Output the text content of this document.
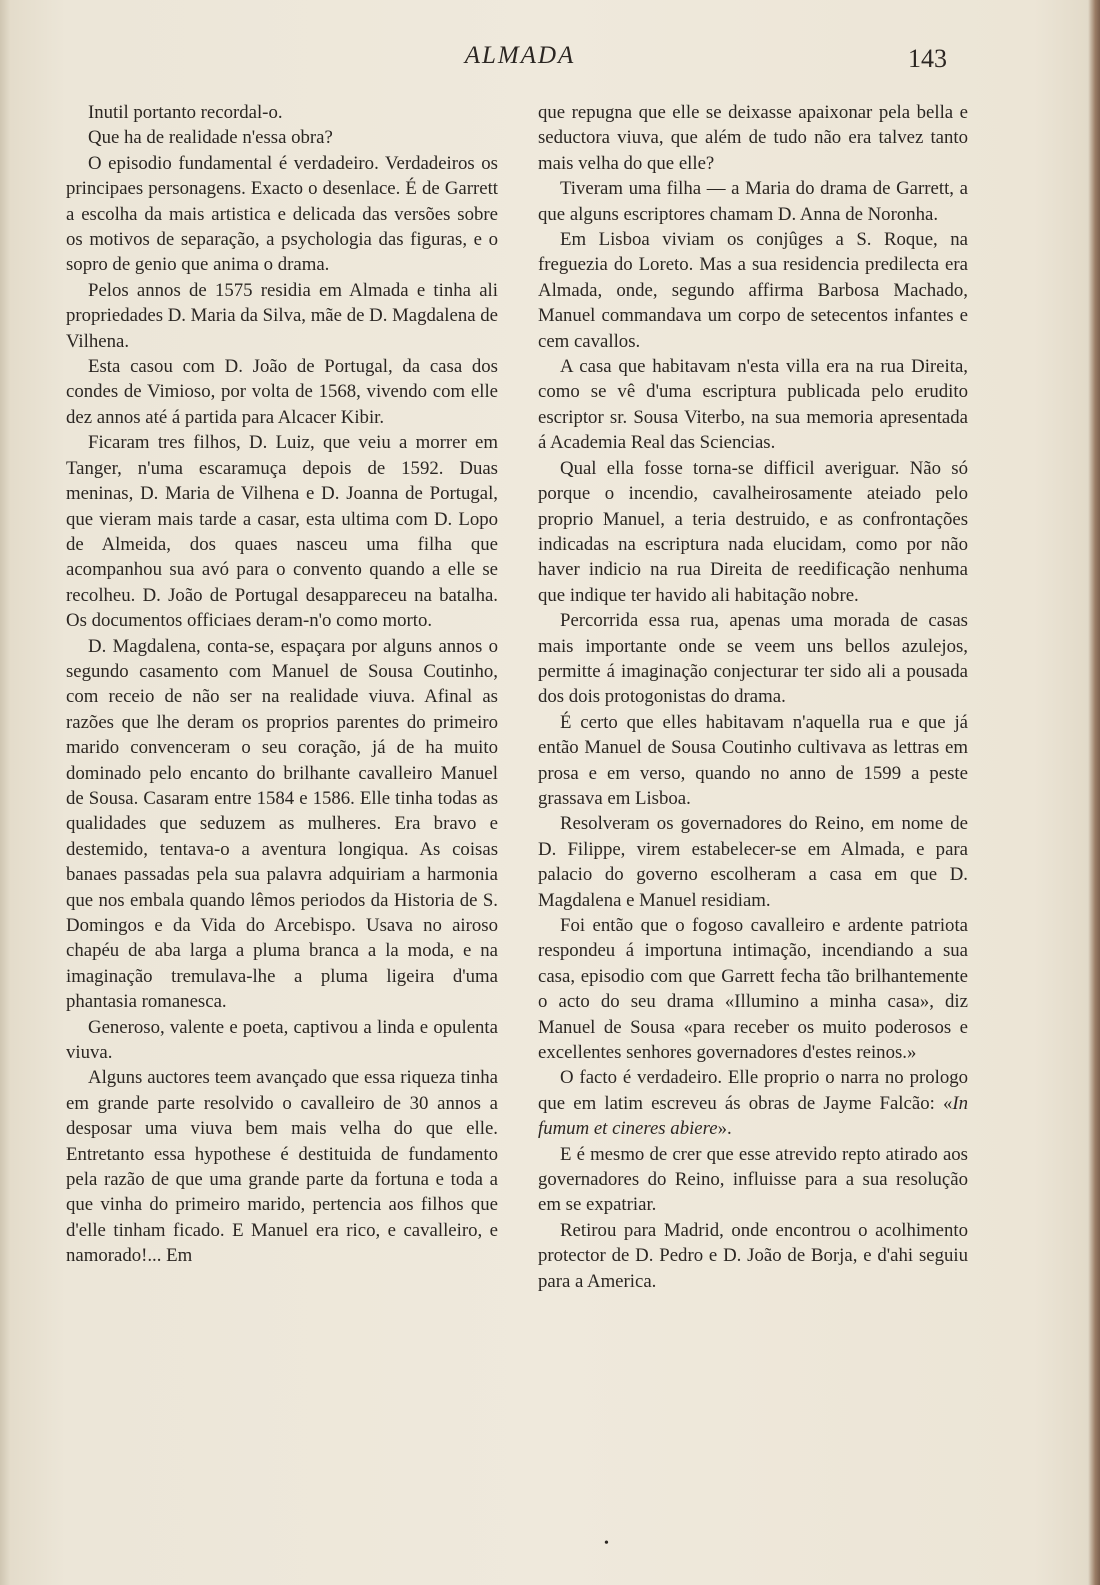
ALMADA	143

Inutil portanto recordal-o.

Que ha de realidade n'essa obra?

O episodio fundamental é verdadeiro. Verdadeiros os principaes personagens. Exacto o desenlace. É de Garrett a escolha da mais artistica e delicada das versões sobre os motivos de separação, a psychologia das figuras, e o sopro de genio que anima o drama.

Pelos annos de 1575 residia em Almada e tinha ali propriedades D. Maria da Silva, mãe de D. Magdalena de Vilhena.

Esta casou com D. João de Portugal, da casa dos condes de Vimioso, por volta de 1568, vivendo com elle dez annos até á partida para Alcacer Kibir.

Ficaram tres filhos, D. Luiz, que veiu a morrer em Tanger, n'uma escaramuça depois de 1592. Duas meninas, D. Maria de Vilhena e D. Joanna de Portugal, que vieram mais tarde a casar, esta ultima com D. Lopo de Almeida, dos quaes nasceu uma filha que acompanhou sua avó para o convento quando a elle se recolheu. D. João de Portugal desappareceu na batalha. Os documentos officiaes deram-n'o como morto.

D. Magdalena, conta-se, espaçara por alguns annos o segundo casamento com Manuel de Sousa Coutinho, com receio de não ser na realidade viuva. Afinal as razões que lhe deram os proprios parentes do primeiro marido convenceram o seu coração, já de ha muito dominado pelo encanto do brilhante cavalleiro Manuel de Sousa. Casaram entre 1584 e 1586. Elle tinha todas as qualidades que seduzem as mulheres. Era bravo e destemido, tentava-o a aventura longiqua. As coisas banaes passadas pela sua palavra adquiriam a harmonia que nos embala quando lêmos periodos da Historia de S. Domingos e da Vida do Arcebispo. Usava no airoso chapéu de aba larga a pluma branca a la moda, e na imaginação tremulava-lhe a pluma ligeira d'uma phantasia romanesca.

Generoso, valente e poeta, captivou a linda e opulenta viuva.

Alguns auctores teem avançado que essa riqueza tinha em grande parte resolvido o cavalleiro de 30 annos a desposar uma viuva bem mais velha do que elle. Entretanto essa hypothese é destituida de fundamento pela razão de que uma grande parte da fortuna e toda a que vinha do primeiro marido, pertencia aos filhos que d'elle tinham ficado. E Manuel era rico, e cavalleiro, e namorado!... Em

que repugna que elle se deixasse apaixonar pela bella e seductora viuva, que além de tudo não era talvez tanto mais velha do que elle?

Tiveram uma filha — a Maria do drama de Garrett, a que alguns escriptores chamam D. Anna de Noronha.

Em Lisboa viviam os conjûges a S. Roque, na freguezia do Loreto. Mas a sua residencia predilecta era Almada, onde, segundo affirma Barbosa Machado, Manuel commandava um corpo de setecentos infantes e cem cavallos.

A casa que habitavam n'esta villa era na rua Direita, como se vê d'uma escriptura publicada pelo erudito escriptor sr. Sousa Viterbo, na sua memoria apresentada á Academia Real das Sciencias.

Qual ella fosse torna-se difficil averiguar. Não só porque o incendio, cavalheirosamente ateiado pelo proprio Manuel, a teria destruido, e as confrontações indicadas na escriptura nada elucidam, como por não haver indicio na rua Direita de reedificação nenhuma que indique ter havido ali habitação nobre.

Percorrida essa rua, apenas uma morada de casas mais importante onde se veem uns bellos azulejos, permitte á imaginação conjecturar ter sido ali a pousada dos dois protogonistas do drama.

É certo que elles habitavam n'aquella rua e que já então Manuel de Sousa Coutinho cultivava as lettras em prosa e em verso, quando no anno de 1599 a peste grassava em Lisboa.

Resolveram os governadores do Reino, em nome de D. Filippe, virem estabelecer-se em Almada, e para palacio do governo escolheram a casa em que D. Magdalena e Manuel residiam.

Foi então que o fogoso cavalleiro e ardente patriota respondeu á importuna intimação, incendiando a sua casa, episodio com que Garrett fecha tão brilhantemente o acto do seu drama «Illumino a minha casa», diz Manuel de Sousa «para receber os muito poderosos e excellentes senhores governadores d'estes reinos.»

O facto é verdadeiro. Elle proprio o narra no prologo que em latim escreveu ás obras de Jayme Falcão: «In fumum et cineres abiere».

E é mesmo de crer que esse atrevido repto atirado aos governadores do Reino, influisse para a sua resolução em se expatriar.

Retirou para Madrid, onde encontrou o acolhimento protector de D. Pedro e D. João de Borja, e d'ahi seguiu para a America.

•
